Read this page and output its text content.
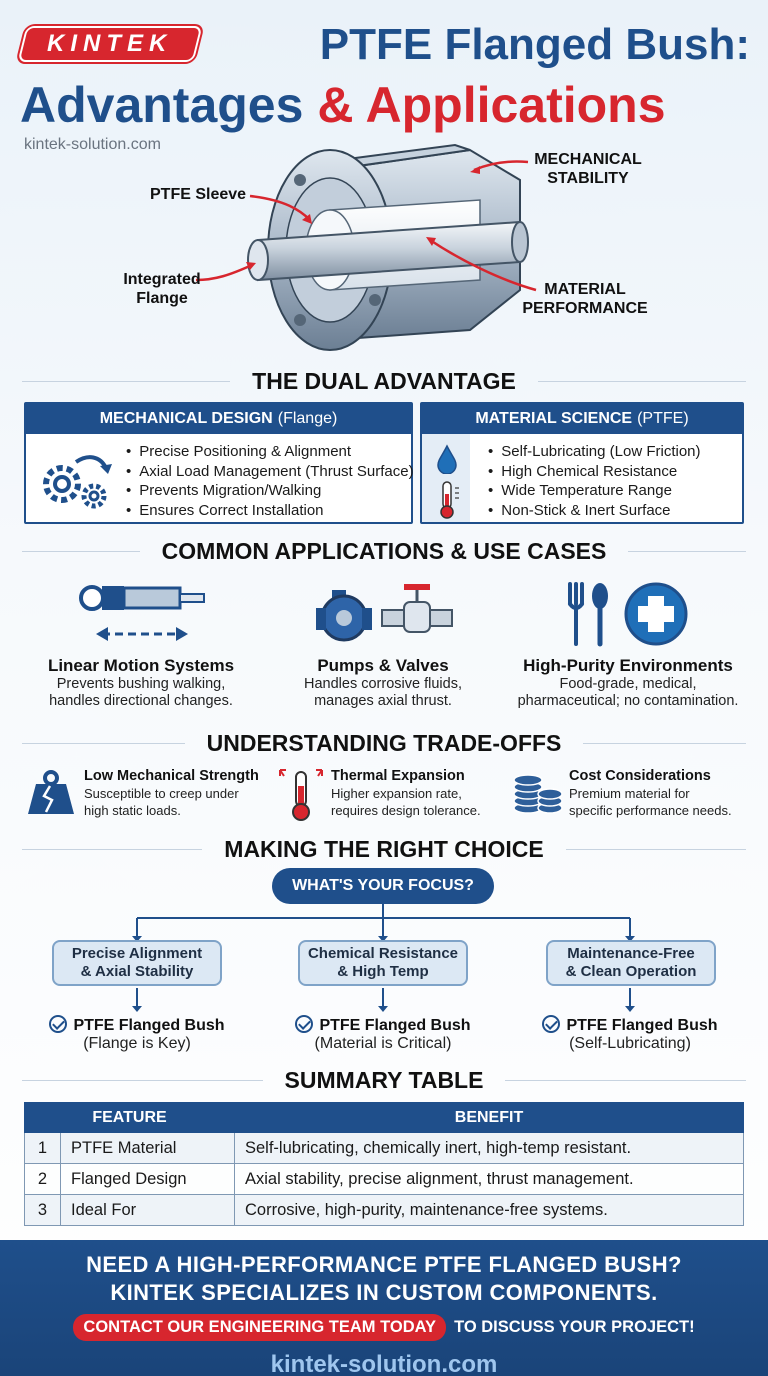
KINTEK	PTFE Flanged Bush:
Advantages & Applications
kintek-solution.com
PTFE Sleeve
Integrated
Flange
MECHANICAL
STABILITY
MATERIAL
PERFORMANCE
THE DUAL ADVANTAGE
MECHANICAL DESIGN (Flange)
• Precise Positioning & Alignment
• Axial Load Management (Thrust Surface)
• Prevents Migration/Walking
• Ensures Correct Installation
MATERIAL SCIENCE (PTFE)
• Self-Lubricating (Low Friction)
• High Chemical Resistance
• Wide Temperature Range
• Non-Stick & Inert Surface
COMMON APPLICATIONS & USE CASES
Linear Motion Systems
Prevents bushing walking,
handles directional changes.
Pumps & Valves
Handles corrosive fluids,
manages axial thrust.
High-Purity Environments
Food-grade, medical,
pharmaceutical; no contamination.
UNDERSTANDING TRADE-OFFS
Low Mechanical Strength
Susceptible to creep under
high static loads.
Thermal Expansion
Higher expansion rate,
requires design tolerance.
Cost Considerations
Premium material for
specific performance needs.
MAKING THE RIGHT CHOICE
WHAT'S YOUR FOCUS?
Precise Alignment
& Axial Stability
Chemical Resistance
& High Temp
Maintenance-Free
& Clean Operation
PTFE Flanged Bush
(Flange is Key)
PTFE Flanged Bush
(Material is Critical)
PTFE Flanged Bush
(Self-Lubricating)
SUMMARY TABLE
FEATURE		BENEFIT
1	PTFE Material	Self-lubricating, chemically inert, high-temp resistant.
2	Flanged Design	Axial stability, precise alignment, thrust management.
3	Ideal For	Corrosive, high-purity, maintenance-free systems.
NEED A HIGH-PERFORMANCE PTFE FLANGED BUSH?
KINTEK SPECIALIZES IN CUSTOM COMPONENTS.
CONTACT OUR ENGINEERING TEAM TODAY	TO DISCUSS YOUR PROJECT!
kintek-solution.com
